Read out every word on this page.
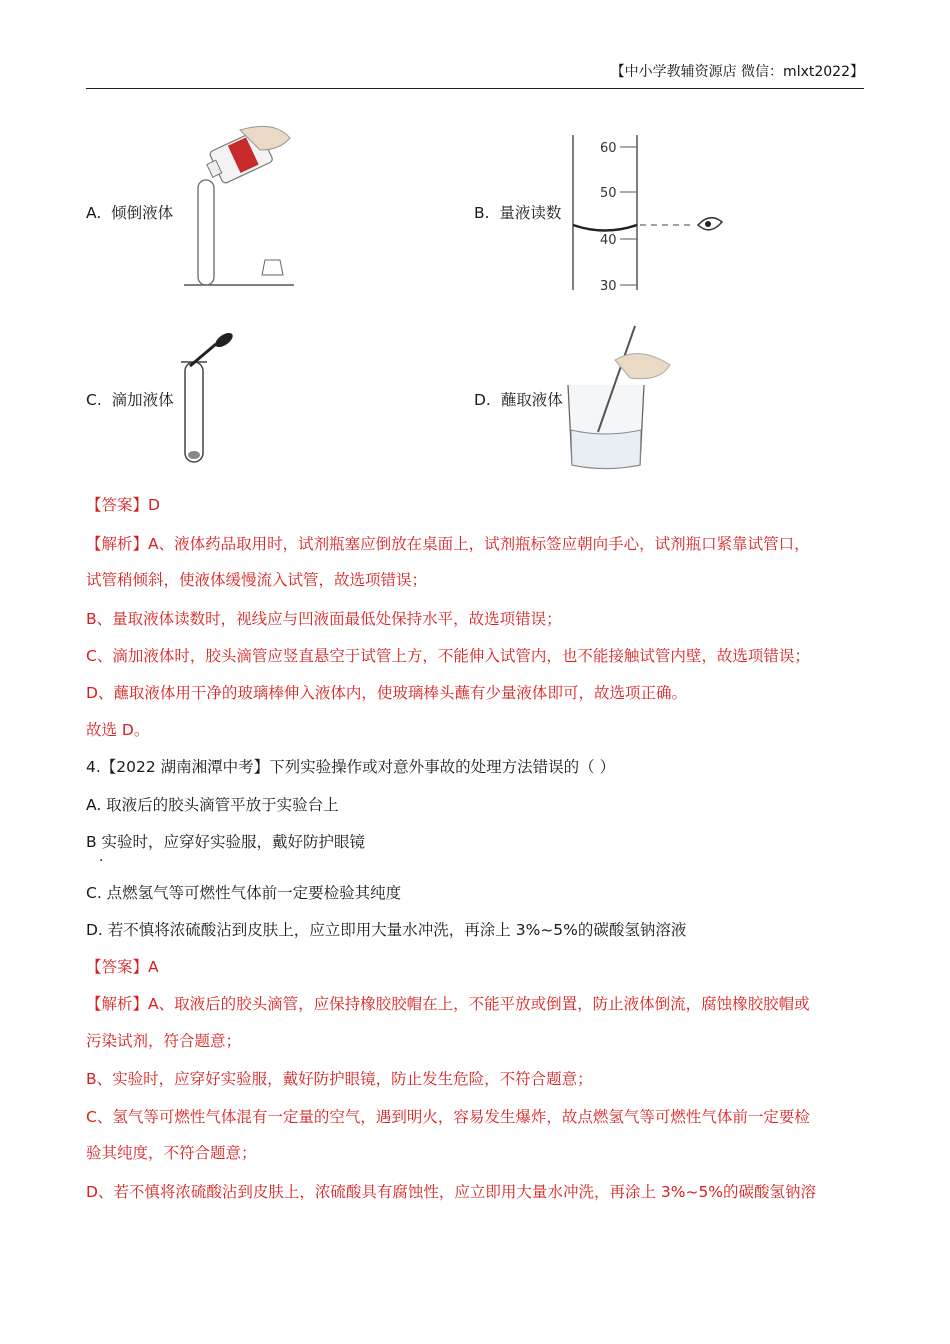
【中小学教辅资源店 微信：mlxt2022】
A. 倾倒液体	B. 量液读数
60
50
40
30
C. 滴加液体	D. 蘸取液体
【答案】D
【解析】A、液体药品取用时，试剂瓶塞应倒放在桌面上，试剂瓶标签应朝向手心，试剂瓶口紧靠试管口，
试管稍倾斜，使液体缓慢流入试管，故选项错误；
B、量取液体读数时，视线应与凹液面最低处保持水平，故选项错误；
C、滴加液体时，胶头滴管应竖直悬空于试管上方，不能伸入试管内，也不能接触试管内壁，故选项错误；
D、蘸取液体用干净的玻璃棒伸入液体内，使玻璃棒头蘸有少量液体即可，故选项正确。
故选 D。
4.【2022 湖南湘潭中考】下列实验操作或对意外事故的处理方法错误的（ ）
A. 取液后的胶头滴管平放于实验台上
B 实验时，应穿好实验服，戴好防护眼镜
·
C. 点燃氢气等可燃性气体前一定要检验其纯度
D. 若不慎将浓硫酸沾到皮肤上，应立即用大量水冲洗，再涂上 3%~5%的碳酸氢钠溶液
【答案】A
【解析】A、取液后的胶头滴管，应保持橡胶胶帽在上，不能平放或倒置，防止液体倒流，腐蚀橡胶胶帽或
污染试剂，符合题意；
B、实验时，应穿好实验服，戴好防护眼镜，防止发生危险，不符合题意；
C、氢气等可燃性气体混有一定量的空气，遇到明火，容易发生爆炸，故点燃氢气等可燃性气体前一定要检
验其纯度，不符合题意；
D、若不慎将浓硫酸沾到皮肤上，浓硫酸具有腐蚀性，应立即用大量水冲洗，再涂上 3%~5%的碳酸氢钠溶
